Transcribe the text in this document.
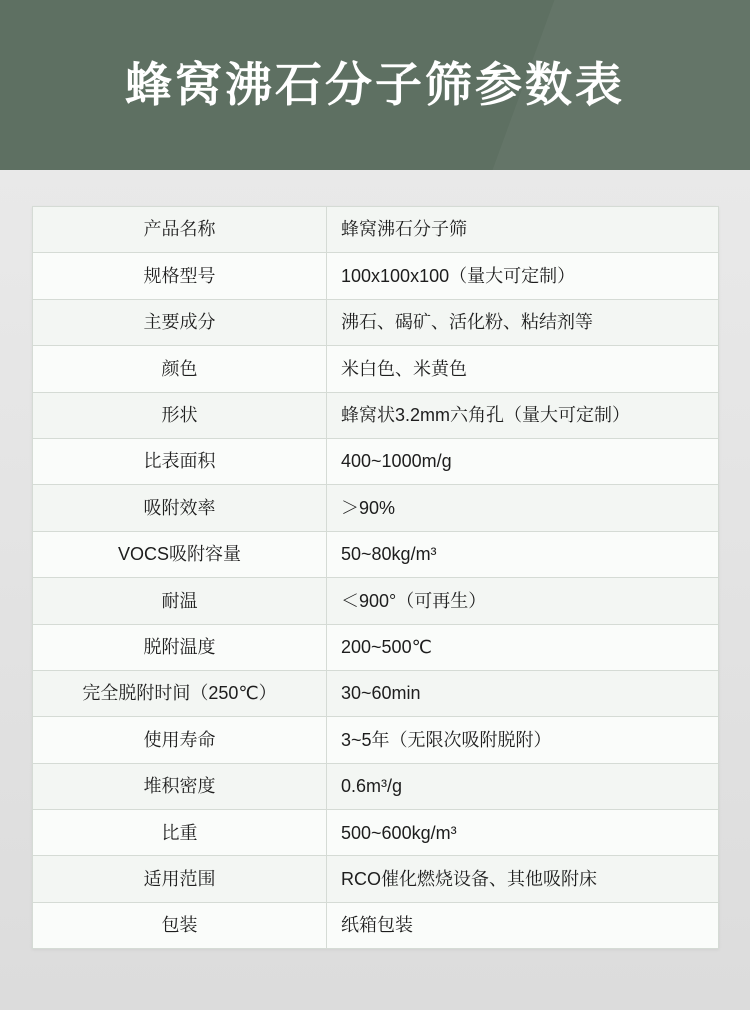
蜂窝沸石分子筛参数表
产品名称	蜂窝沸石分子筛
规格型号	100x100x100（量大可定制）
主要成分	沸石、碣矿、活化粉、粘结剂等
颜色	米白色、米黄色
形状	蜂窝状3.2mm六角孔（量大可定制）
比表面积	400~1000m/g
吸附效率	＞90%
VOCS吸附容量	50~80kg/m³
耐温	＜900°（可再生）
脱附温度	200~500℃
完全脱附时间（250℃）	30~60min
使用寿命	3~5年（无限次吸附脱附）
堆积密度	0.6m³/g
比重	500~600kg/m³
适用范围	RCO催化燃烧设备、其他吸附床
包装	纸箱包装
